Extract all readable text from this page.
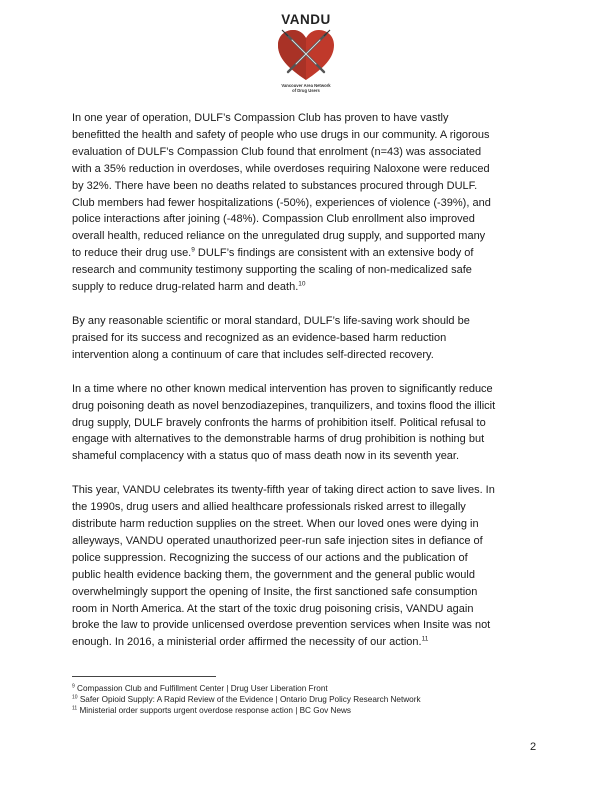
VANDU
Vancouver Area Network
of Drug Users

In one year of operation, DULF’s Compassion Club has proven to have vastly
benefitted the health and safety of people who use drugs in our community. A rigorous
evaluation of DULF’s Compassion Club found that enrolment (n=43) was associated
with a 35% reduction in overdoses, while overdoses requiring Naloxone were reduced
by 32%. There have been no deaths related to substances procured through DULF.
Club members had fewer hospitalizations (-50%), experiences of violence (-39%), and
police interactions after joining (-48%). Compassion Club enrollment also improved
overall health, reduced reliance on the unregulated drug supply, and supported many
to reduce their drug use.$^9$ DULF’s findings are consistent with an extensive body of
research and community testimony supporting the scaling of non-medicalized safe
supply to reduce drug-related harm and death.$^{10}$

By any reasonable scientific or moral standard, DULF’s life-saving work should be
praised for its success and recognized as an evidence-based harm reduction
intervention along a continuum of care that includes self-directed recovery.

In a time where no other known medical intervention has proven to significantly reduce
drug poisoning death as novel benzodiazepines, tranquilizers, and toxins flood the illicit
drug supply, DULF bravely confronts the harms of prohibition itself. Political refusal to
engage with alternatives to the demonstrable harms of drug prohibition is nothing but
shameful complacency with a status quo of mass death now in its seventh year.

This year, VANDU celebrates its twenty-fifth year of taking direct action to save lives. In
the 1990s, drug users and allied healthcare professionals risked arrest to illegally
distribute harm reduction supplies on the street. When our loved ones were dying in
alleyways, VANDU operated unauthorized peer-run safe injection sites in defiance of
police suppression. Recognizing the success of our actions and the publication of
public health evidence backing them, the government and the general public would
overwhelmingly support the opening of Insite, the first sanctioned safe consumption
room in North America. At the start of the toxic drug poisoning crisis, VANDU again
broke the law to provide unlicensed overdose prevention services when Insite was not
enough. In 2016, a ministerial order affirmed the necessity of our action.$^{11}$

$^9$ Compassion Club and Fulfillment Center | Drug User Liberation Front
$^{10}$ Safer Opioid Supply: A Rapid Review of the Evidence | Ontario Drug Policy Research Network
$^{11}$ Ministerial order supports urgent overdose response action | BC Gov News
2
